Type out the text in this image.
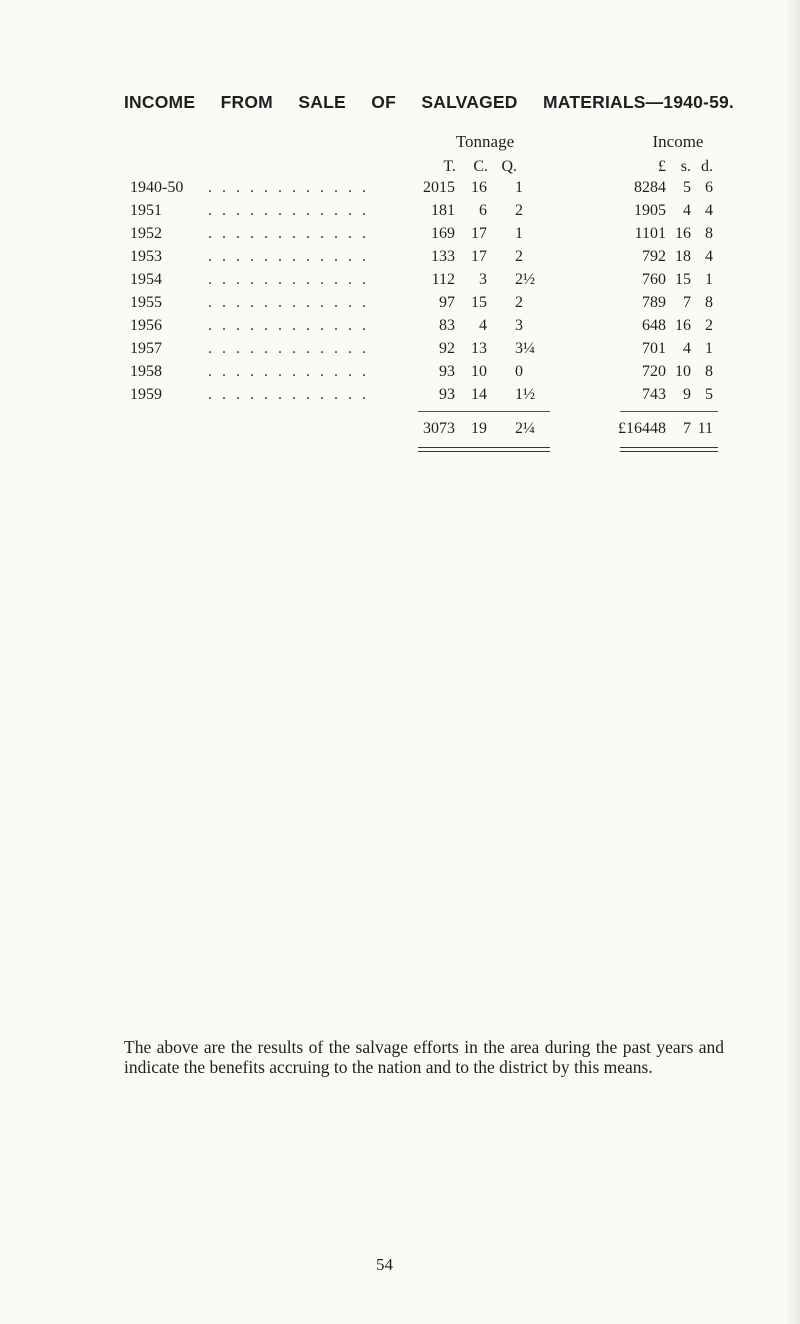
INCOME FROM SALE OF SALVAGED MATERIALS—1940-59.
Tonnage	Income
T.	C. Q.	£ s. d.
1940-50 . . . . . . . . . . . .	2015 16 1	8284 5 6
1951	. . . . . . . . . . . .	181 6 2	1905 4 4
1952	. . . . . . . . . . . .	169 17 1	1101 16 8
1953	. . . . . . . . . . . .	133 17 2	792 18 4
1954	. . . . . . . . . . . .	112 3 2½	760 15 1
1955	. . . . . . . . . . . .	97 15 2	789 7 8
1956	. . . . . . . . . . . .	83 4 3	648 16 2
1957	. . . . . . . . . . . .	92 13 3¼	701 4 1
1958	. . . . . . . . . . . .	93 10 0	720 10 8
1959	. . . . . . . . . . . .	93 14 1½	743 9 5
3073 19 2¼	£16448 7 11
The above are the results of the salvage efforts in the area during the past years and indicate the benefits accruing to the nation and to the district by this means.
54
